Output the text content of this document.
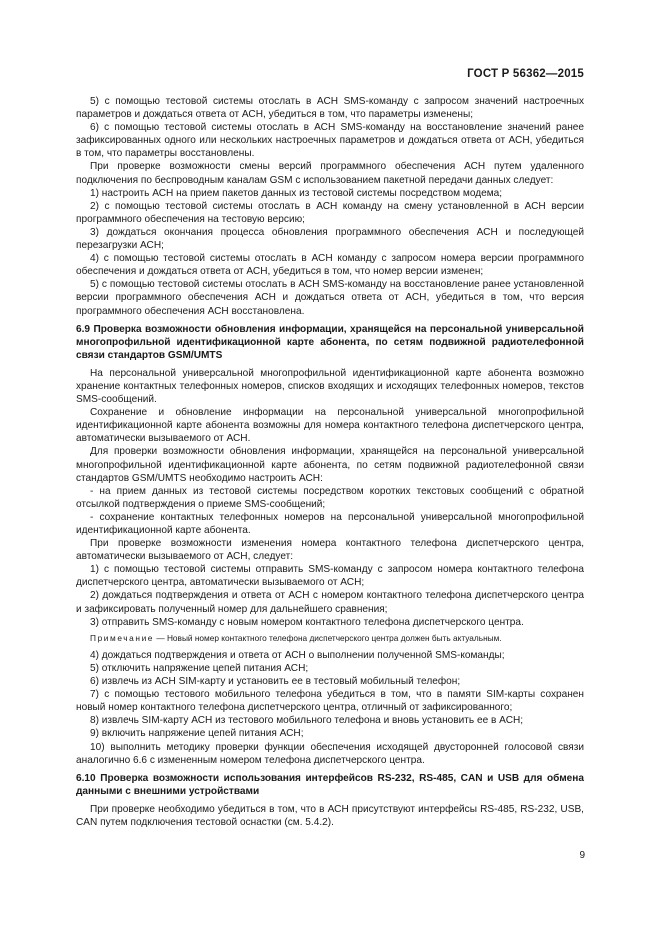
ГОСТ Р 56362—2015

5) с помощью тестовой системы отослать в АСН SMS-команду с запросом значений настроечных параметров и дождаться ответа от АСН, убедиться в том, что параметры изменены;

6) с помощью тестовой системы отослать в АСН SMS-команду на восстановление значений ранее зафиксированных одного или нескольких настроечных параметров и дождаться ответа от АСН, убедиться в том, что параметры восстановлены.

При проверке возможности смены версий программного обеспечения АСН путем удаленного подключения по беспроводным каналам GSM с использованием пакетной передачи данных следует:

1) настроить АСН на прием пакетов данных из тестовой системы посредством модема;

2) с помощью тестовой системы отослать в АСН команду на смену установленной в АСН версии программного обеспечения на тестовую версию;

3) дождаться окончания процесса обновления программного обеспечения АСН и последующей перезагрузки АСН;

4) с помощью тестовой системы отослать в АСН команду с запросом номера версии программного обеспечения и дождаться ответа от АСН, убедиться в том, что номер версии изменен;

5) с помощью тестовой системы отослать в АСН SMS-команду на восстановление ранее установленной версии программного обеспечения АСН и дождаться ответа от АСН, убедиться в том, что версия программного обеспечения АСН восстановлена.

6.9 Проверка возможности обновления информации, хранящейся на персональной универсальной многопрофильной идентификационной карте абонента, по сетям подвижной радиотелефонной связи стандартов GSM/UMTS

На персональной универсальной многопрофильной идентификационной карте абонента возможно хранение контактных телефонных номеров, списков входящих и исходящих телефонных номеров, текстов SMS-сообщений.

Сохранение и обновление информации на персональной универсальной многопрофильной идентификационной карте абонента возможны для номера контактного телефона диспетчерского центра, автоматически вызываемого от АСН.

Для проверки возможности обновления информации, хранящейся на персональной универсальной многопрофильной идентификационной карте абонента, по сетям подвижной радиотелефонной связи стандартов GSM/UMTS необходимо настроить АСН:

- на прием данных из тестовой системы посредством коротких текстовых сообщений с обратной отсылкой подтверждения о приеме SMS-сообщений;

- сохранение контактных телефонных номеров на персональной универсальной многопрофильной идентификационной карте абонента.

При проверке возможности изменения номера контактного телефона диспетчерского центра, автоматически вызываемого от АСН, следует:

1) с помощью тестовой системы отправить SMS-команду с запросом номера контактного телефона диспетчерского центра, автоматически вызываемого от АСН;

2) дождаться подтверждения и ответа от АСН с номером контактного телефона диспетчерского центра и зафиксировать полученный номер для дальнейшего сравнения;

3) отправить SMS-команду с новым номером контактного телефона диспетчерского центра.

Примечание — Новый номер контактного телефона диспетчерского центра должен быть актуальным.

4) дождаться подтверждения и ответа от АСН о выполнении полученной SMS-команды;

5) отключить напряжение цепей питания АСН;

6) извлечь из АСН SIM-карту и установить ее в тестовый мобильный телефон;

7) с помощью тестового мобильного телефона убедиться в том, что в памяти SIM-карты сохранен новый номер контактного телефона диспетчерского центра, отличный от зафиксированного;

8) извлечь SIM-карту АСН из тестового мобильного телефона и вновь установить ее в АСН;

9) включить напряжение цепей питания АСН;

10) выполнить методику проверки функции обеспечения исходящей двусторонней голосовой связи аналогично 6.6 с измененным номером телефона диспетчерского центра.

6.10 Проверка возможности использования интерфейсов RS-232, RS-485, CAN и USB для обмена данными с внешними устройствами

При проверке необходимо убедиться в том, что в АСН присутствуют интерфейсы RS-485, RS-232, USB, CAN путем подключения тестовой оснастки (см. 5.4.2).

9
